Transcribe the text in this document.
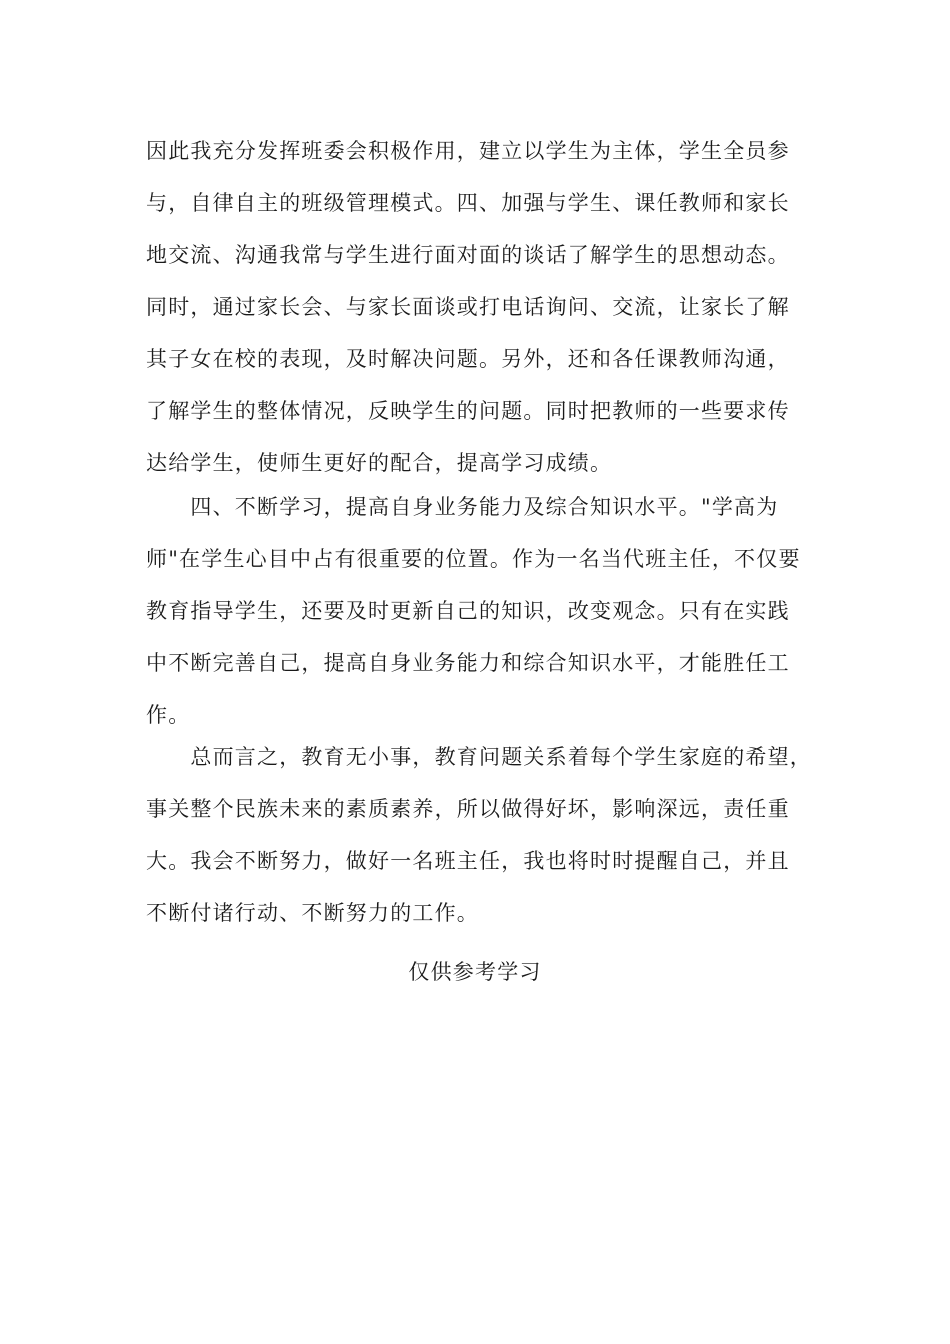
因此我充分发挥班委会积极作用，建立以学生为主体，学生全员参
与，自律自主的班级管理模式。四、加强与学生、课任教师和家长
地交流、沟通我常与学生进行面对面的谈话了解学生的思想动态。
同时，通过家长会、与家长面谈或打电话询问、交流，让家长了解
其子女在校的表现，及时解决问题。另外，还和各任课教师沟通，
了解学生的整体情况，反映学生的问题。同时把教师的一些要求传
达给学生，使师生更好的配合，提高学习成绩。
　　四、不断学习，提高自身业务能力及综合知识水平。"学高为
师"在学生心目中占有很重要的位置。作为一名当代班主任，不仅要
教育指导学生，还要及时更新自己的知识，改变观念。只有在实践
中不断完善自己，提高自身业务能力和综合知识水平，才能胜任工
作。
　　总而言之，教育无小事，教育问题关系着每个学生家庭的希望，
事关整个民族未来的素质素养，所以做得好坏，影响深远，责任重
大。我会不断努力，做好一名班主任，我也将时时提醒自己，并且
不断付诸行动、不断努力的工作。
仅供参考学习
